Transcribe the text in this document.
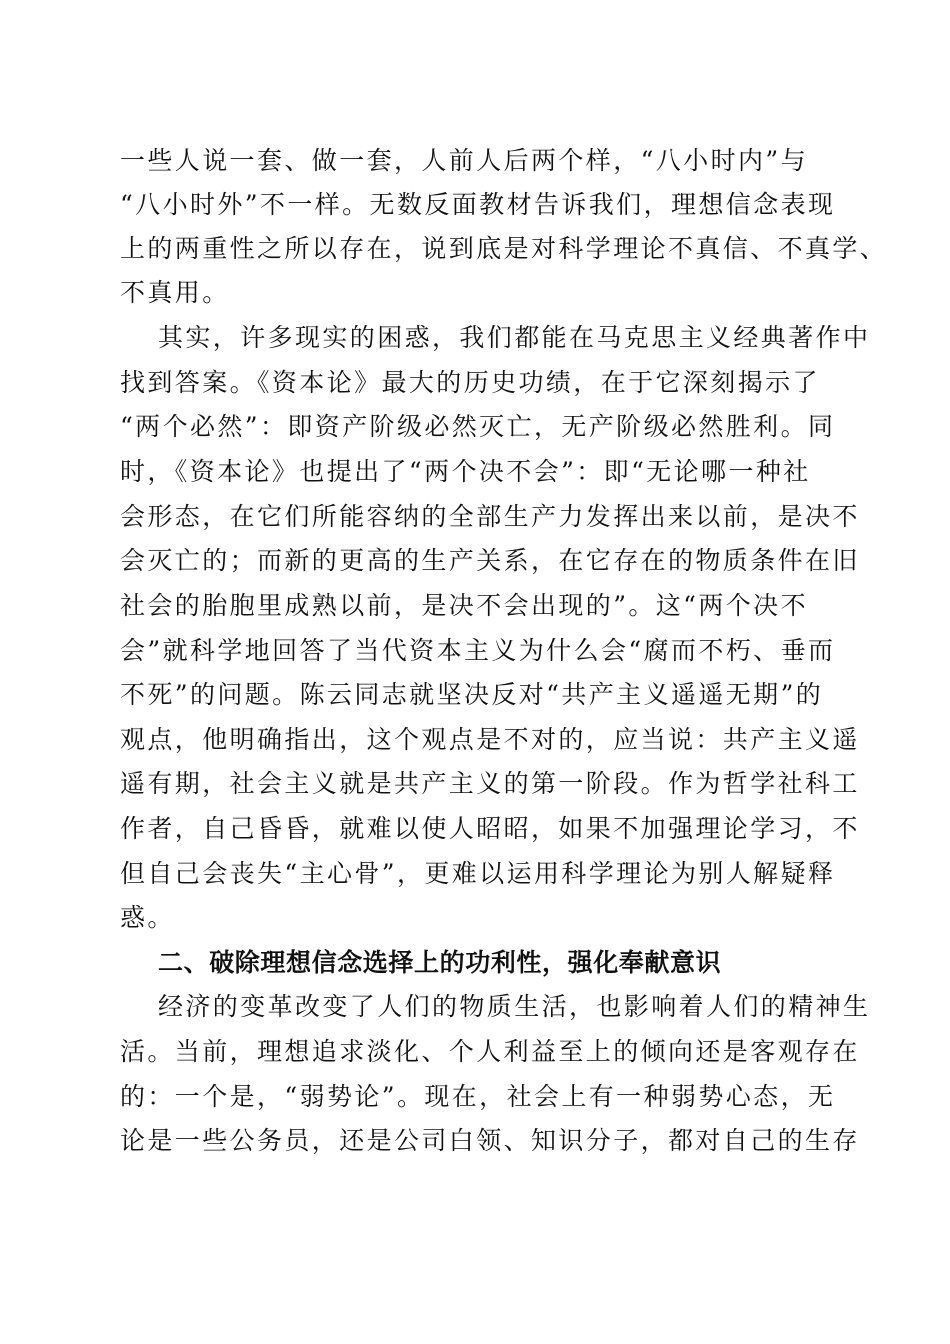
一些人说一套、做一套，人前人后两个样，“八小时内”与
“八小时外”不一样。无数反面教材告诉我们，理想信念表现
上的两重性之所以存在，说到底是对科学理论不真信、不真学、
不真用。
其实，许多现实的困惑，我们都能在马克思主义经典著作中
找到答案。《资本论》最大的历史功绩，在于它深刻揭示了
“两个必然”：即资产阶级必然灭亡，无产阶级必然胜利。同
时，《资本论》也提出了“两个决不会”：即“无论哪一种社
会形态，在它们所能容纳的全部生产力发挥出来以前，是决不
会灭亡的；而新的更高的生产关系，在它存在的物质条件在旧
社会的胎胞里成熟以前，是决不会出现的”。这“两个决不
会”就科学地回答了当代资本主义为什么会“腐而不朽、垂而
不死”的问题。陈云同志就坚决反对“共产主义遥遥无期”的
观点，他明确指出，这个观点是不对的，应当说：共产主义遥
遥有期，社会主义就是共产主义的第一阶段。作为哲学社科工
作者，自己昏昏，就难以使人昭昭，如果不加强理论学习，不
但自己会丧失“主心骨”，更难以运用科学理论为别人解疑释
惑。
二、破除理想信念选择上的功利性，强化奉献意识
经济的变革改变了人们的物质生活，也影响着人们的精神生
活。当前，理想追求淡化、个人利益至上的倾向还是客观存在
的：一个是，“弱势论”。现在，社会上有一种弱势心态，无
论是一些公务员，还是公司白领、知识分子，都对自己的生存
